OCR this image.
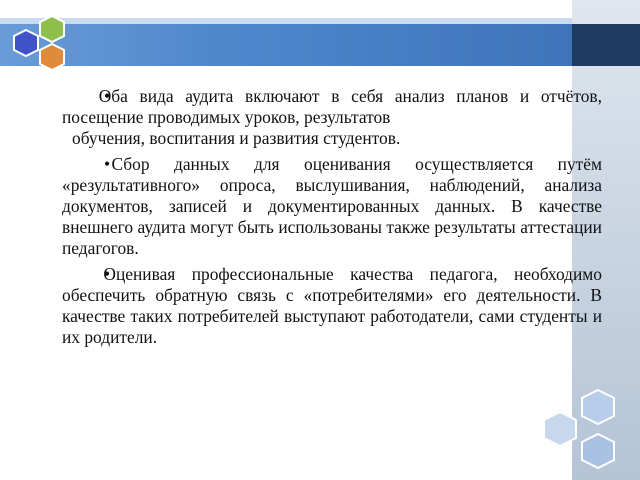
• Оба вида аудита включают в себя анализ планов и отчётов, посещение проводимых уроков, результатов
обучения, воспитания и развития студентов.

• Сбор данных для оценивания осуществляется путём «результативного» опроса, выслушивания, наблюдений, анализа документов, записей и документированных данных. В качестве внешнего аудита могут быть использованы также результаты аттестации педагогов.

• Оценивая профессиональные качества педагога, необходимо обеспечить обратную связь с «потребителями» его деятельности. В качестве таких потребителей выступают работодатели, сами студенты и их родители.
